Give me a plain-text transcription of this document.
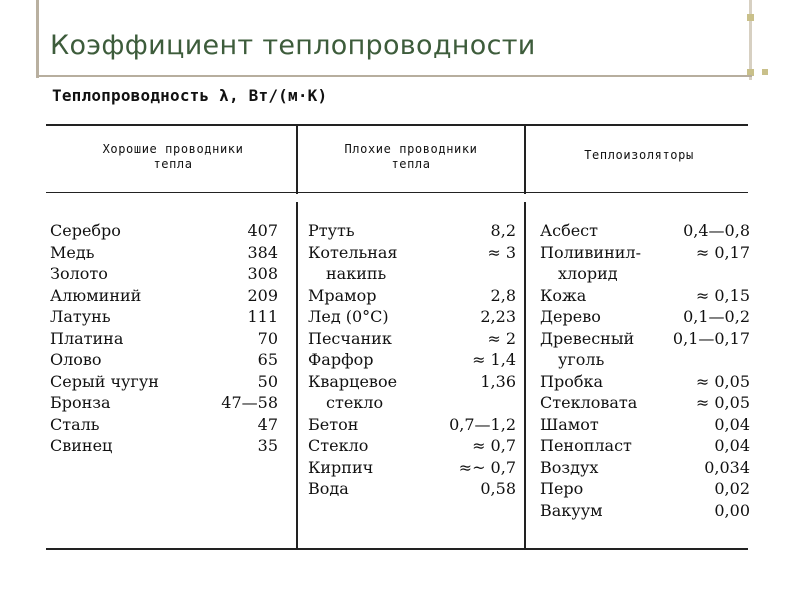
Коэффициент теплопроводности
Теплопроводность λ, Вт/(м·К)
Хорошие проводники
тепла
Плохие проводники
тепла
Теплоизоляторы
Серебро	407
Медь	384
Золото	308
Алюминий	209
Латунь	111
Платина	70
Олово	65
Серый чугун	50
Бронза	47—58
Сталь	47
Свинец	35
Ртуть	8,2
Котельная	≈ 3
накипь
Мрамор	2,8
Лед (0°С)	2,23
Песчаник	≈ 2
Фарфор	≈ 1,4
Кварцевое	1,36
стекло
Бетон	0,7—1,2
Стекло	≈ 0,7
Кирпич	≈~ 0,7
Вода	0,58
Асбест	0,4—0,8
Поливинил-	≈ 0,17
хлорид
Кожа	≈ 0,15
Дерево	0,1—0,2
Древесный 0,1—0,17
уголь
Пробка	≈ 0,05
Стекловата	≈ 0,05
Шамот	0,04
Пенопласт	0,04
Воздух	0,034
Перо	0,02
Вакуум	0,00
